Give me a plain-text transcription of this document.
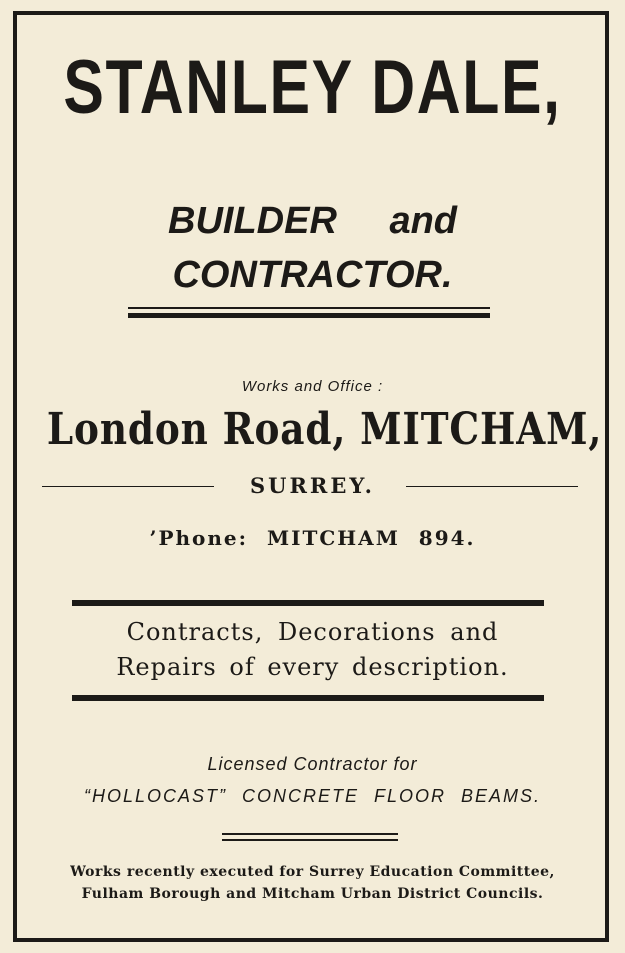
STANLEY DALE,
BUILDER and
CONTRACTOR.
Works and Office :
London Road, MITCHAM,
SURREY.
’Phone: MITCHAM 894.
Contracts, Decorations and
Repairs of every description.
Licensed Contractor for
“HOLLOCAST” CONCRETE FLOOR BEAMS.
Works recently executed for Surrey Education Committee,
Fulham Borough and Mitcham Urban District Councils.
